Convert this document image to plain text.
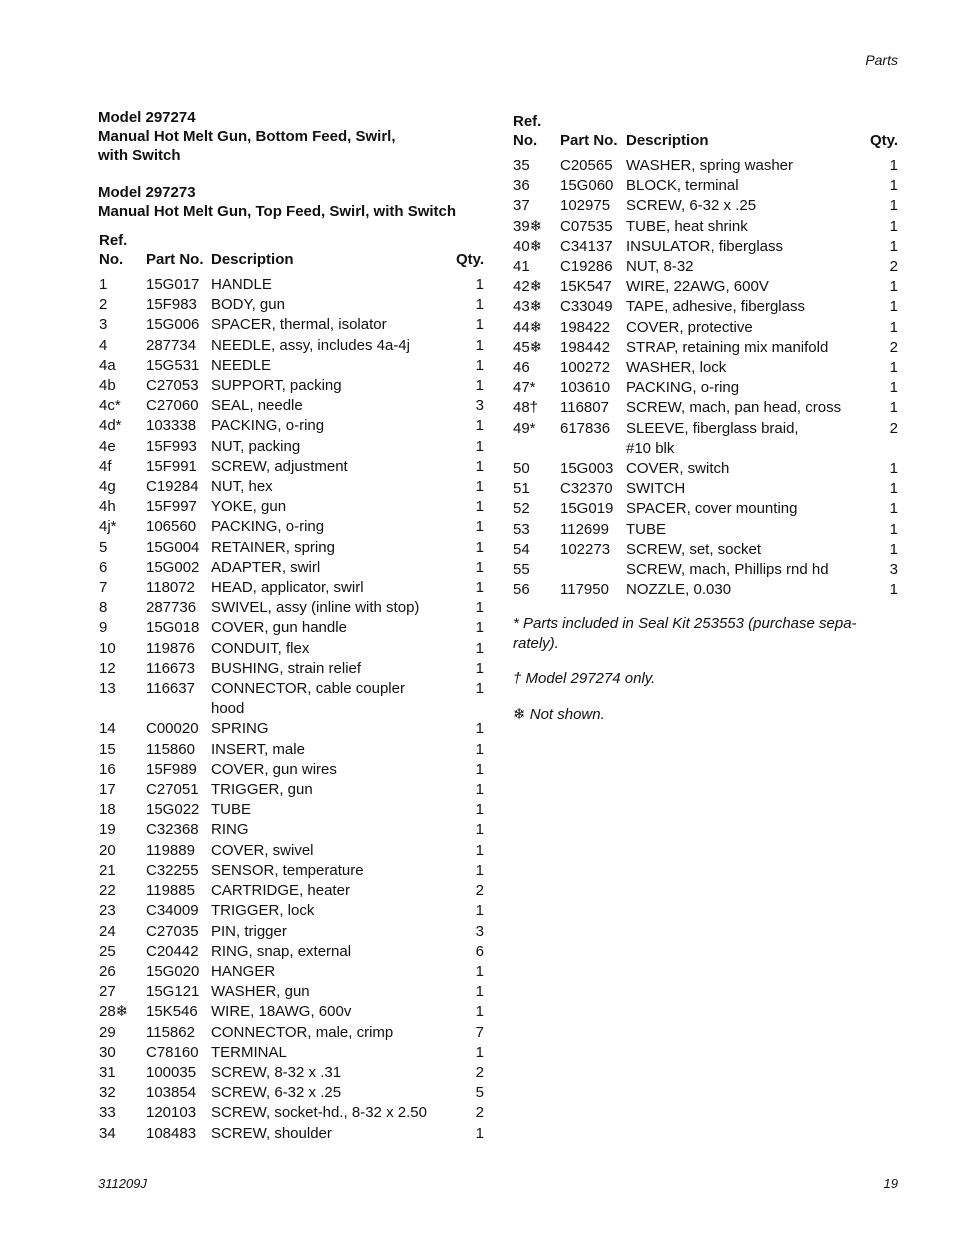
Parts

Model 297274

Manual Hot Melt Gun, Bottom Feed, Swirl,

with Switch

Model 297273

Manual Hot Melt Gun, Top Feed, Swirl, with Switch

Ref.
No.	Part No.	Description	Qty.
1	15G017	HANDLE	1
2	15F983	BODY, gun	1
3	15G006	SPACER, thermal, isolator	1
4	287734	NEEDLE, assy, includes 4a-4j	1
4a	15G531	NEEDLE	1
4b	C27053	SUPPORT, packing	1
4c*	C27060	SEAL, needle	3
4d*	103338	PACKING, o-ring	1
4e	15F993	NUT, packing	1
4f	15F991	SCREW, adjustment	1
4g	C19284	NUT, hex	1
4h	15F997	YOKE, gun	1
4j*	106560	PACKING, o-ring	1
5	15G004	RETAINER, spring	1
6	15G002	ADAPTER, swirl	1
7	118072	HEAD, applicator, swirl	1
8	287736	SWIVEL, assy (inline with stop)	1
9	15G018	COVER, gun handle	1
10	119876	CONDUIT, flex	1
12	116673	BUSHING, strain relief	1
13	116637	CONNECTOR, cable coupler
hood	1
14	C00020	SPRING	1
15	115860	INSERT, male	1
16	15F989	COVER, gun wires	1
17	C27051	TRIGGER, gun	1
18	15G022	TUBE	1
19	C32368	RING	1
20	119889	COVER, swivel	1
21	C32255	SENSOR, temperature	1
22	119885	CARTRIDGE, heater	2
23	C34009	TRIGGER, lock	1
24	C27035	PIN, trigger	3
25	C20442	RING, snap, external	6
26	15G020	HANGER	1
27	15G121	WASHER, gun	1
28❄	15K546	WIRE, 18AWG, 600v	1
29	115862	CONNECTOR, male, crimp	7
30	C78160	TERMINAL	1
31	100035	SCREW, 8-32 x .31	2
32	103854	SCREW, 6-32 x .25	5
33	120103	SCREW, socket-hd., 8-32 x 2.50	2
34	108483	SCREW, shoulder	1
Ref.
No.	Part No.	Description	Qty.
35	C20565	WASHER, spring washer	1
36	15G060	BLOCK, terminal	1
37	102975	SCREW, 6-32 x .25	1
39❄	C07535	TUBE, heat shrink	1
40❄	C34137	INSULATOR, fiberglass	1
41	C19286	NUT, 8-32	2
42❄	15K547	WIRE, 22AWG, 600V	1
43❄	C33049	TAPE, adhesive, fiberglass	1
44❄	198422	COVER, protective	1
45❄	198442	STRAP, retaining mix manifold	2
46	100272	WASHER, lock	1
47*	103610	PACKING, o-ring	1
48†	116807	SCREW, mach, pan head, cross	1
49*	617836	SLEEVE, fiberglass braid,
#10 blk	2
50	15G003	COVER, switch	1
51	C32370	SWITCH	1
52	15G019	SPACER, cover mounting	1
53	112699	TUBE	1
54	102273	SCREW, set, socket	1
55		SCREW, mach, Phillips rnd hd	3
56	117950	NOZZLE, 0.030	1

* Parts included in Seal Kit 253553 (purchase sepa-
rately).

† Model 297274 only.

❄ Not shown.

311209J	19
